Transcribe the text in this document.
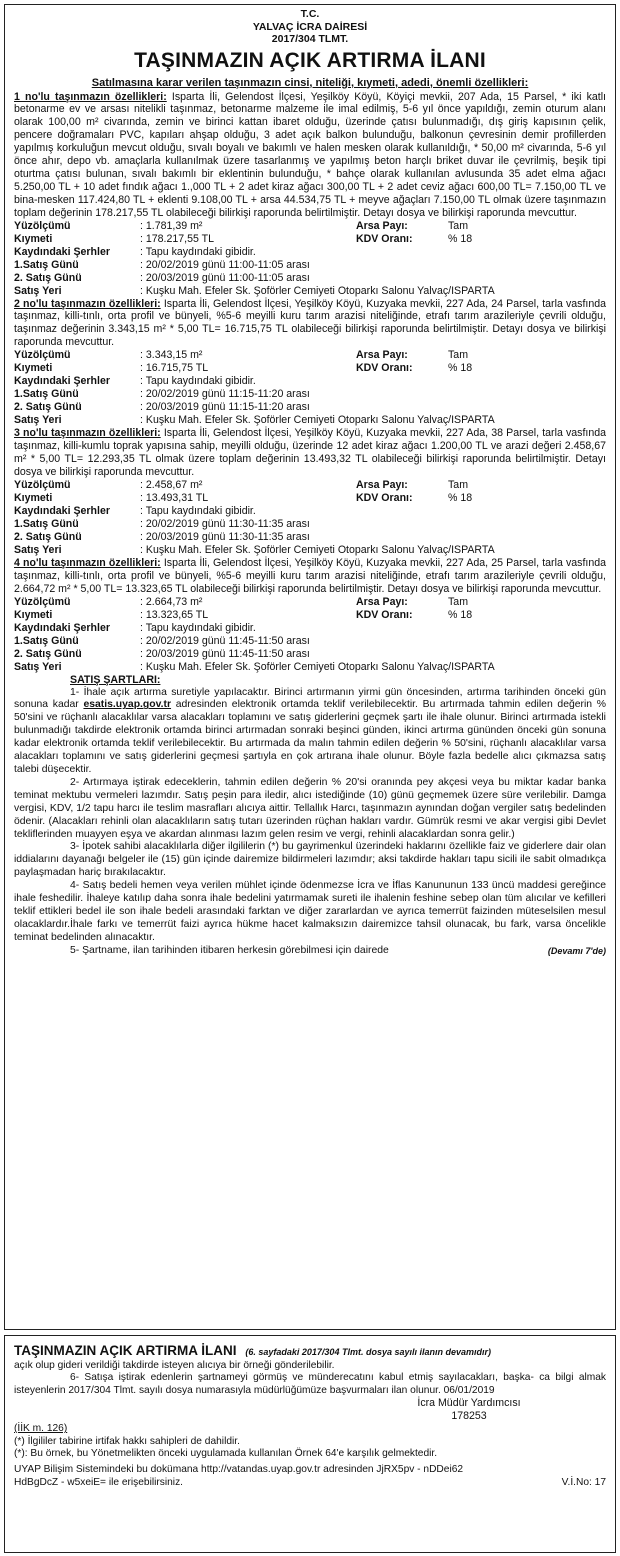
T.C.
YALVAÇ İCRA DAİRESİ
2017/304 TLMT.
TAŞINMAZIN AÇIK ARTIRMA İLANI
Satılmasına karar verilen taşınmazın cinsi, niteliği, kıymeti, adedi, önemli özellikleri:

1 no'lu taşınmazın özellikleri: Isparta İli, Gelendost İlçesi, Yeşilköy Köyü, Köyiçi mevkii, 207 Ada, 15 Parsel, * iki katlı betonarme ev ve arsası nitelikli taşınmaz, betonarme malzeme ile imal edilmiş, 5-6 yıl önce yapıldığı, zemin oturum alanı olarak 100,00 m² civarında, zemin ve birinci kattan ibaret olduğu, üzerinde çatısı bulunmadığı, dış giriş kapısının çelik, pencere doğramaları PVC, kapıları ahşap olduğu, 3 adet açık balkon bulunduğu, balkonun çevresinin demir profillerden yapılmış korkuluğun mevcut olduğu, sıvalı boyalı ve bakımlı ve halen mesken olarak kullanıldığı, * 50,00 m² civarında, 5-6 yıl önce ahır, depo vb. amaçlarla kullanılmak üzere tasarlanmış ve yapılmış beton harçlı briket duvar ile çevrilmiş, beşik tipi oturtma çatısı bulunan, sıvalı bakımlı bir eklentinin bulunduğu, * bahçe olarak kullanılan avlusunda 35 adet elma ağacı 5.250,00 TL + 10 adet fındık ağacı 1.,000 TL + 2 adet kiraz ağacı 300,00 TL + 2 adet ceviz ağacı 600,00 TL= 7.150,00 TL ve bina-mesken 117.424,80 TL + eklenti 9.108,00 TL + arsa 44.534,75 TL + meyve ağaçları 7.150,00 TL olmak üzere taşınmazın toplam değerinin 178.217,55 TL olabileceği bilirkişi raporunda belirtilmiştir. Detayı dosya ve bilirkişi raporunda mevcuttur.

Yüzölçümü	: 1.781,39 m²	Arsa Payı:	Tam
Kıymeti	: 178.217,55 TL	KDV Oranı:	% 18
Kaydındaki Şerhler	: Tapu kaydındaki gibidir.
1.Satış Günü	: 20/02/2019 günü 11:00-11:05 arası
2. Satış Günü	: 20/03/2019 günü 11:00-11:05 arası
Satış Yeri	: Kuşku Mah. Efeler Sk. Şoförler Cemiyeti Otoparkı Salonu Yalvaç/ISPARTA

2 no'lu taşınmazın özellikleri: Isparta İli, Gelendost İlçesi, Yeşilköy Köyü, Kuzyaka mevkii, 227 Ada, 24 Parsel, tarla vasfında taşınmaz, killi-tınlı, orta profil ve bünyeli, %5-6 meyilli kuru tarım arazisi niteliğinde, etrafı tarım arazileriyle çevrili olduğu, taşınmaz değerinin 3.343,15 m² * 5,00 TL= 16.715,75 TL olabileceği bilirkişi raporunda belirtilmiştir. Detayı dosya ve bilirkişi raporunda mevcuttur.

Yüzölçümü	: 3.343,15 m²	Arsa Payı:	Tam
Kıymeti	: 16.715,75 TL	KDV Oranı:	% 18
Kaydındaki Şerhler	: Tapu kaydındaki gibidir.
1.Satış Günü	: 20/02/2019 günü 11:15-11:20 arası
2. Satış Günü	: 20/03/2019 günü 11:15-11:20 arası
Satış Yeri	: Kuşku Mah. Efeler Sk. Şoförler Cemiyeti Otoparkı Salonu Yalvaç/ISPARTA

3 no'lu taşınmazın özellikleri: Isparta İli, Gelendost İlçesi, Yeşilköy Köyü, Kuzyaka mevkii, 227 Ada, 38 Parsel, tarla vasfında taşınmaz, killi-kumlu toprak yapısına sahip, meyilli olduğu, üzerinde 12 adet kiraz ağacı 1.200,00 TL ve arazi değeri 2.458,67 m² * 5,00 TL= 12.293,35 TL olmak üzere toplam değerinin 13.493,32 TL olabileceği bilirkişi raporunda belirtilmiştir. Detayı dosya ve bilirkişi raporunda mevcuttur.

Yüzölçümü	: 2.458,67 m²	Arsa Payı:	Tam
Kıymeti	: 13.493,31 TL	KDV Oranı:	% 18
Kaydındaki Şerhler	: Tapu kaydındaki gibidir.
1.Satış Günü	: 20/02/2019 günü 11:30-11:35 arası
2. Satış Günü	: 20/03/2019 günü 11:30-11:35 arası
Satış Yeri	: Kuşku Mah. Efeler Sk. Şoförler Cemiyeti Otoparkı Salonu Yalvaç/ISPARTA

4 no'lu taşınmazın özellikleri: Isparta İli, Gelendost İlçesi, Yeşilköy Köyü, Kuzyaka mevkii, 227 Ada, 25 Parsel, tarla vasfında taşınmaz, killi-tınlı, orta profil ve bünyeli, %5-6 meyilli kuru tarım arazisi niteliğinde, etrafı tarım arazileriyle çevrili olduğu, 2.664,72 m² * 5,00 TL= 13.323,65 TL olabileceği bilirkişi raporunda belirtilmiştir. Detayı dosya ve bilirkişi raporunda mevcuttur.

Yüzölçümü	: 2.664,73 m²	Arsa Payı:	Tam
Kıymeti	: 13.323,65 TL	KDV Oranı:	% 18
Kaydındaki Şerhler	: Tapu kaydındaki gibidir.
1.Satış Günü	: 20/02/2019 günü 11:45-11:50 arası
2. Satış Günü	: 20/03/2019 günü 11:45-11:50 arası
Satış Yeri	: Kuşku Mah. Efeler Sk. Şoförler Cemiyeti Otoparkı Salonu Yalvaç/ISPARTA
SATIŞ ŞARTLARI:

1- İhale açık artırma suretiyle yapılacaktır. Birinci artırmanın yirmi gün öncesinden, artırma tarihinden önceki gün sonuna kadar esatis.uyap.gov.tr adresinden elektronik ortamda teklif verilebilecektir. Bu artırmada tahmin edilen değerin % 50'sini ve rüçhanlı alacaklılar varsa alacakları toplamını ve satış giderlerini geçmek şartı ile ihale olunur. Birinci artırmada istekli bulunmadığı takdirde elektronik ortamda birinci artırmadan sonraki beşinci günden, ikinci artırma gününden önceki gün sonuna kadar elektronik ortamda teklif verilebilecektir. Bu artırmada da malın tahmin edilen değerin % 50'sini, rüçhanlı alacaklılar varsa alacakları toplamını ve satış giderlerini geçmesi şartıyla en çok artırana ihale olunur. Böyle fazla bedelle alıcı çıkmazsa satış talebi düşecektir.

2- Artırmaya iştirak edeceklerin, tahmin edilen değerin % 20'si oranında pey akçesi veya bu miktar kadar banka teminat mektubu vermeleri lazımdır. Satış peşin para iledir, alıcı istediğinde (10) günü geçmemek üzere süre verilebilir. Damga vergisi, KDV, 1/2 tapu harcı ile teslim masrafları alıcıya aittir. Tellallık Harcı, taşınmazın aynından doğan vergiler satış bedelinden ödenir. (Alacakları rehinli olan alacaklıların satış tutarı üzerinden rüçhan hakları vardır. Gümrük resmi ve akar vergisi gibi Devlet tekliflerinden muayyen eşya ve akardan alınması lazım gelen resim ve vergi, rehinli alacaklardan sonra gelir.)

3- İpotek sahibi alacaklılarla diğer ilgililerin (*) bu gayrimenkul üzerindeki haklarını özellikle faiz ve giderlere dair olan iddialarını dayanağı belgeler ile (15) gün içinde dairemize bildirmeleri lazımdır; aksi takdirde hakları tapu sicili ile sabit olmadıkça paylaşmadan hariç bırakılacaktır.

4- Satış bedeli hemen veya verilen mühlet içinde ödenmezse İcra ve İflas Kanununun 133 üncü maddesi gereğince ihale feshedilir. İhaleye katılıp daha sonra ihale bedelini yatırmamak sureti ile ihalenin feshine sebep olan tüm alıcılar ve kefilleri teklif ettikleri bedel ile son ihale bedeli arasındaki farktan ve diğer zararlardan ve ayrıca temerrüt faizinden müteselsilen mesul olacaklardır.İhale farkı ve temerrüt faizi ayrıca hükme hacet kalmaksızın dairemizce tahsil olunacak, bu fark, varsa öncelikle teminat bedelinden alınacaktır.

5- Şartname, ilan tarihinden itibaren herkesin görebilmesi için dairede	(Devamı 7'de)

TAŞINMAZIN AÇIK ARTIRMA İLANI (6. sayfadaki 2017/304 Tlmt. dosya sayılı ilanın devamıdır)

açık olup gideri verildiği takdirde isteyen alıcıya bir örneği gönderilebilir.

6- Satışa iştirak edenlerin şartnameyi görmüş ve münderecatını kabul etmiş sayılacakları, başka- ca bilgi almak isteyenlerin 2017/304 Tlmt. sayılı dosya numarasıyla müdürlüğümüze başvurmaları ilan olunur. 06/01/2019

İcra Müdür Yardımcısı
178253

(İİK m. 126)

(*) İlgililer tabirine irtifak hakkı sahipleri de dahildir.

(*): Bu örnek, bu Yönetmelikten önceki uygulamada kullanılan Örnek 64'e karşılık gelmektedir.

UYAP Bilişim Sistemindeki bu dokümana http://vatandas.uyap.gov.tr adresinden JjRX5pv - nDDei62

HdBgDcZ - w5xeiE= ile erişebilirsiniz.	V.İ.No: 17
